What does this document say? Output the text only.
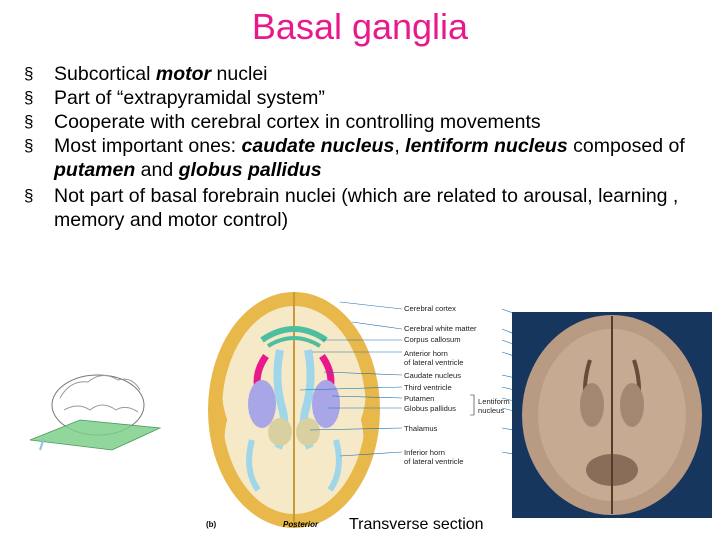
Basal ganglia
§	Subcortical motor nuclei
§	Part of “extrapyramidal system”
§	Cooperate with cerebral cortex in controlling movements
§	Most important ones: caudate nucleus, lentiform nucleus composed of putamen and globus pallidus
§	Not part of basal forebrain nuclei (which are related to arousal, learning , memory and motor control)
Cerebral cortex
Cerebral white matter
Corpus callosum
Anterior horn
of lateral ventricle
Caudate nucleus
Third ventricle
Putamen
Globus pallidus
Lentiform
nucleus
Thalamus
Inferior horn
of lateral ventricle
(b)	Posterior Transverse section
